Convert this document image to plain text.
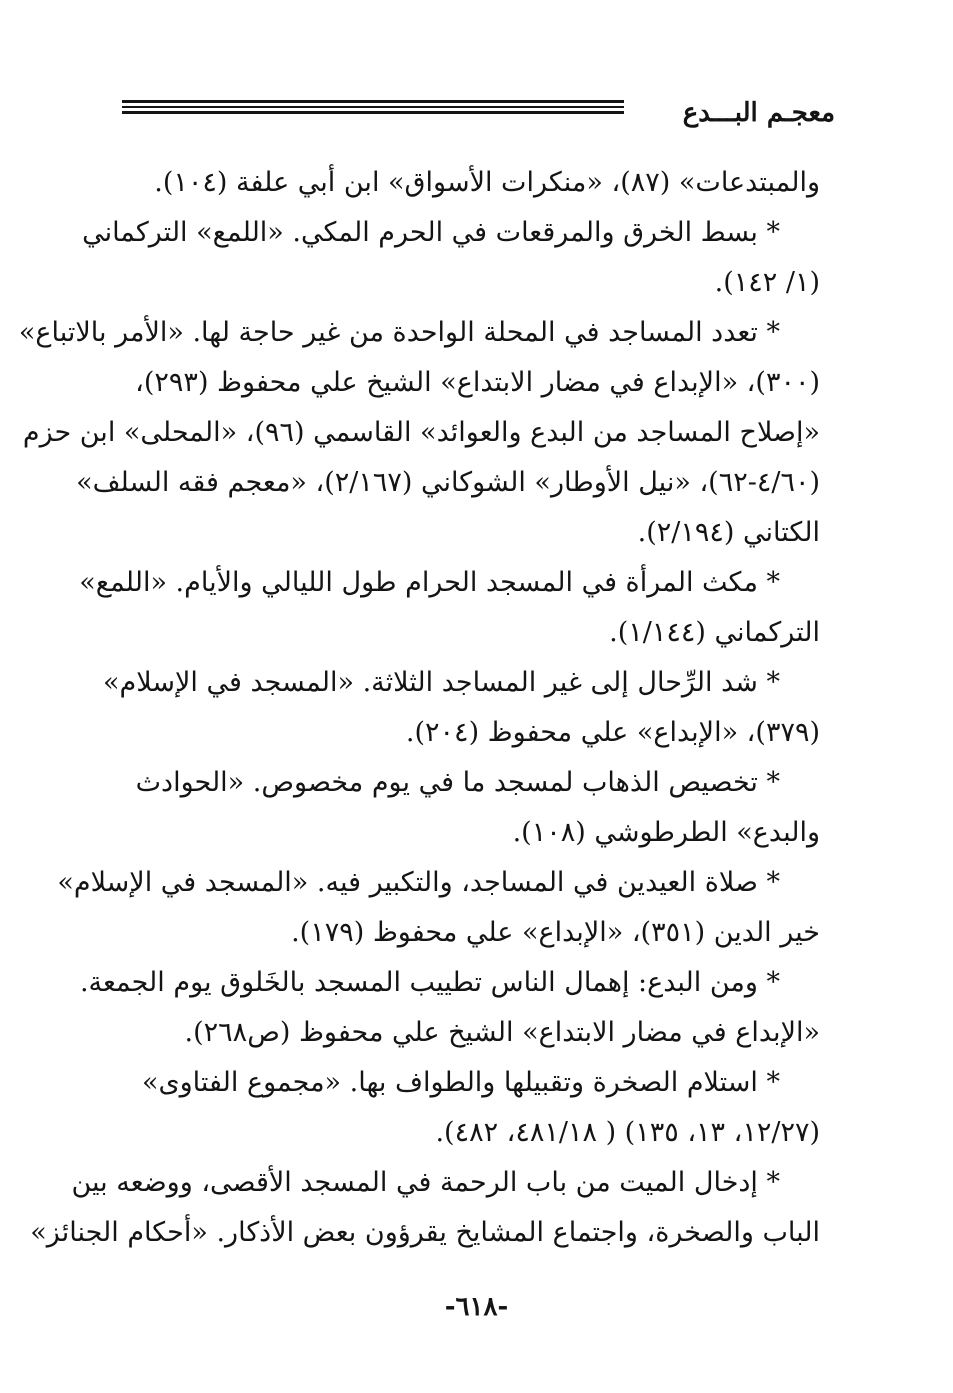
معجـم البـــدع
والمبتدعات» (٨٧)، «منكرات الأسواق» ابن أبي علفة (١٠٤).
* بسط الخرق والمرقعات في الحرم المكي. «اللمع» التركماني
(١/ ١٤٢).
* تعدد المساجد في المحلة الواحدة من غير حاجة لها. «الأمر بالاتباع»
(٣٠٠)، «الإبداع في مضار الابتداع» الشيخ علي محفوظ (٢٩٣)،
«إصلاح المساجد من البدع والعوائد» القاسمي (٩٦)، «المحلى» ابن حزم
(٤/٦٠-٦٢)، «نيل الأوطار» الشوكاني (٢/١٦٧)، «معجم فقه السلف»
الكتاني (٢/١٩٤).
* مكث المرأة في المسجد الحرام طول الليالي والأيام. «اللمع»
التركماني (١/١٤٤).
* شد الرِّحال إلى غير المساجد الثلاثة. «المسجد في الإسلام»
(٣٧٩)، «الإبداع» علي محفوظ (٢٠٤).
* تخصيص الذهاب لمسجد ما في يوم مخصوص. «الحوادث
والبدع» الطرطوشي (١٠٨).
* صلاة العيدين في المساجد، والتكبير فيه. «المسجد في الإسلام»
خير الدين (٣٥١)، «الإبداع» علي محفوظ (١٧٩).
* ومن البدع: إهمال الناس تطييب المسجد بالخَلوق يوم الجمعة.
«الإبداع في مضار الابتداع» الشيخ علي محفوظ (ص٢٦٨).
* استلام الصخرة وتقبيلها والطواف بها. «مجموع الفتاوى»
(١٢/٢٧، ١٣، ١٣٥) ( ٤٨١/١٨، ٤٨٢).
* إدخال الميت من باب الرحمة في المسجد الأقصى، ووضعه بين
الباب والصخرة، واجتماع المشايخ يقرؤون بعض الأذكار. «أحكام الجنائز»
-٦١٨-
